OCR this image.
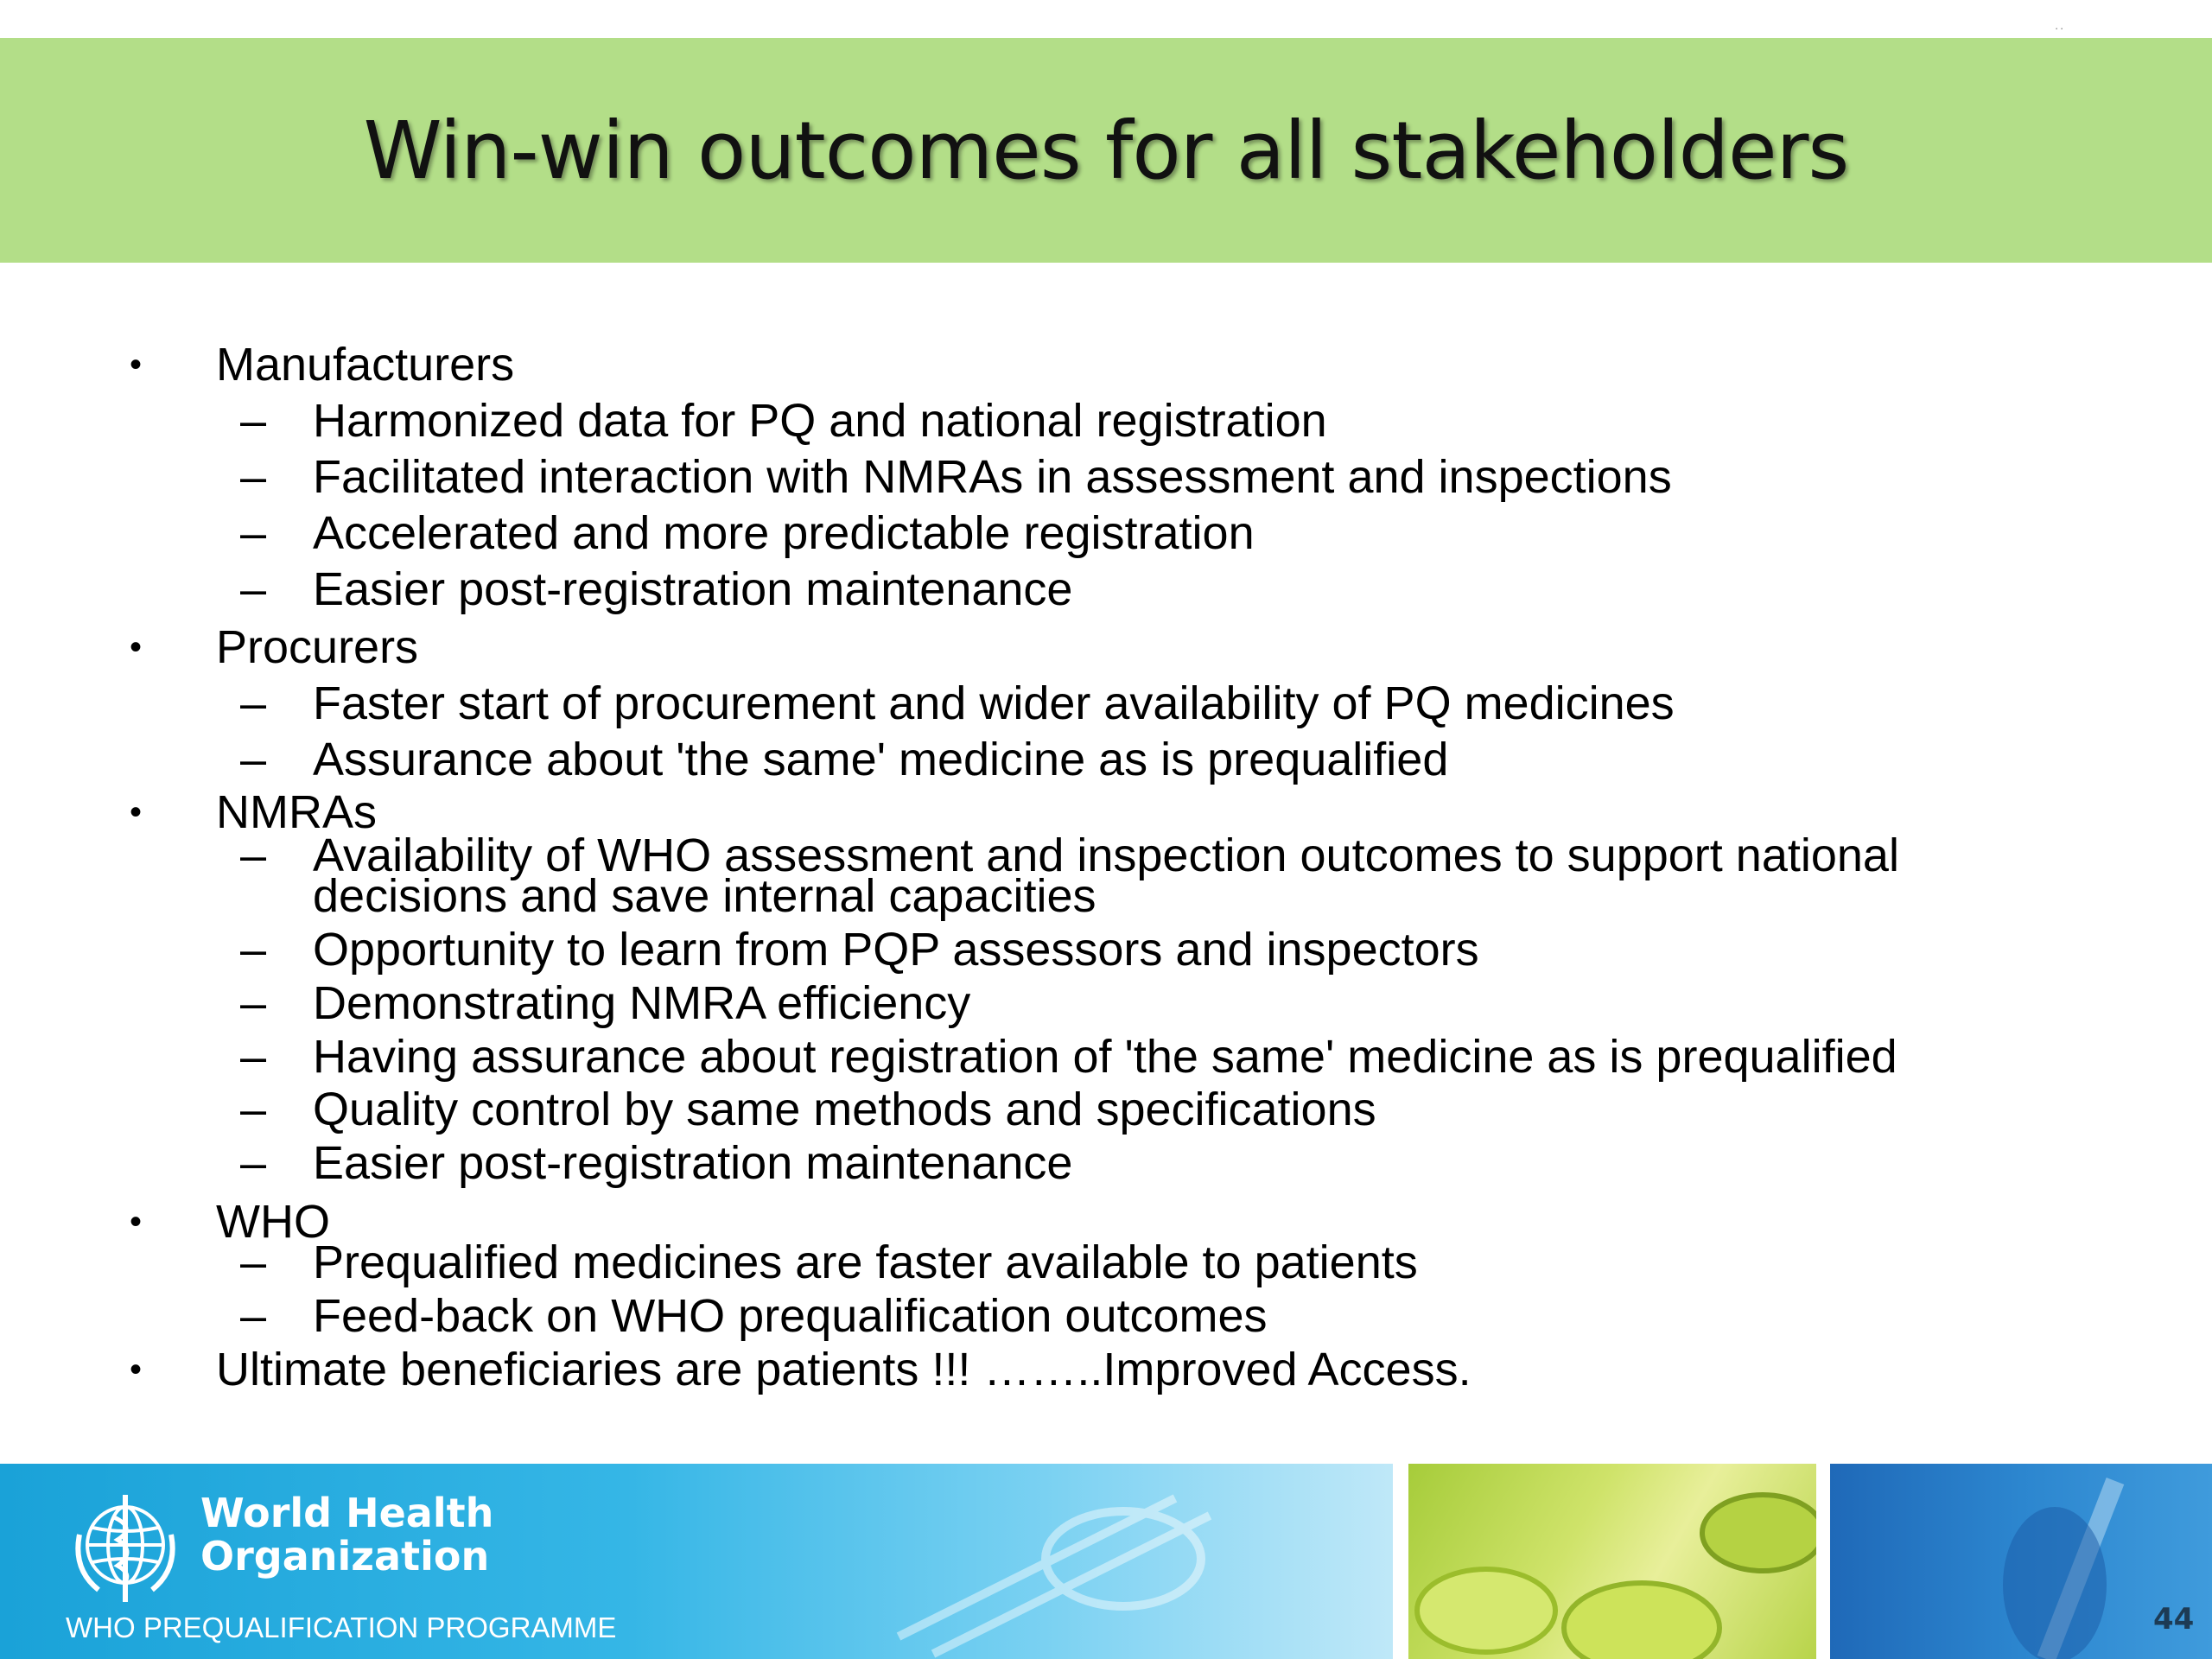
Win-win outcomes for all stakeholders
˙˙
• Manufacturers
– Harmonized data for PQ and national registration
– Facilitated interaction with NMRAs in assessment and inspections
– Accelerated and more predictable registration
– Easier post-registration maintenance
• Procurers
– Faster start of procurement and wider availability of PQ medicines
– Assurance about 'the same' medicine as is prequalified
• NMRAs
– Availability of WHO assessment and inspection outcomes to support national
decisions and save internal capacities
– Opportunity to learn from PQP assessors and inspectors
– Demonstrating NMRA efficiency
– Having assurance about registration of 'the same' medicine as is prequalified
– Quality control by same methods and specifications
– Easier post-registration maintenance
• WHO
– Prequalified medicines are faster available to patients
– Feed-back on WHO prequalification outcomes
• Ultimate beneficiaries are patients !!! ……..Improved Access.
World Health
Organization
WHO PREQUALIFICATION PROGRAMME	44
